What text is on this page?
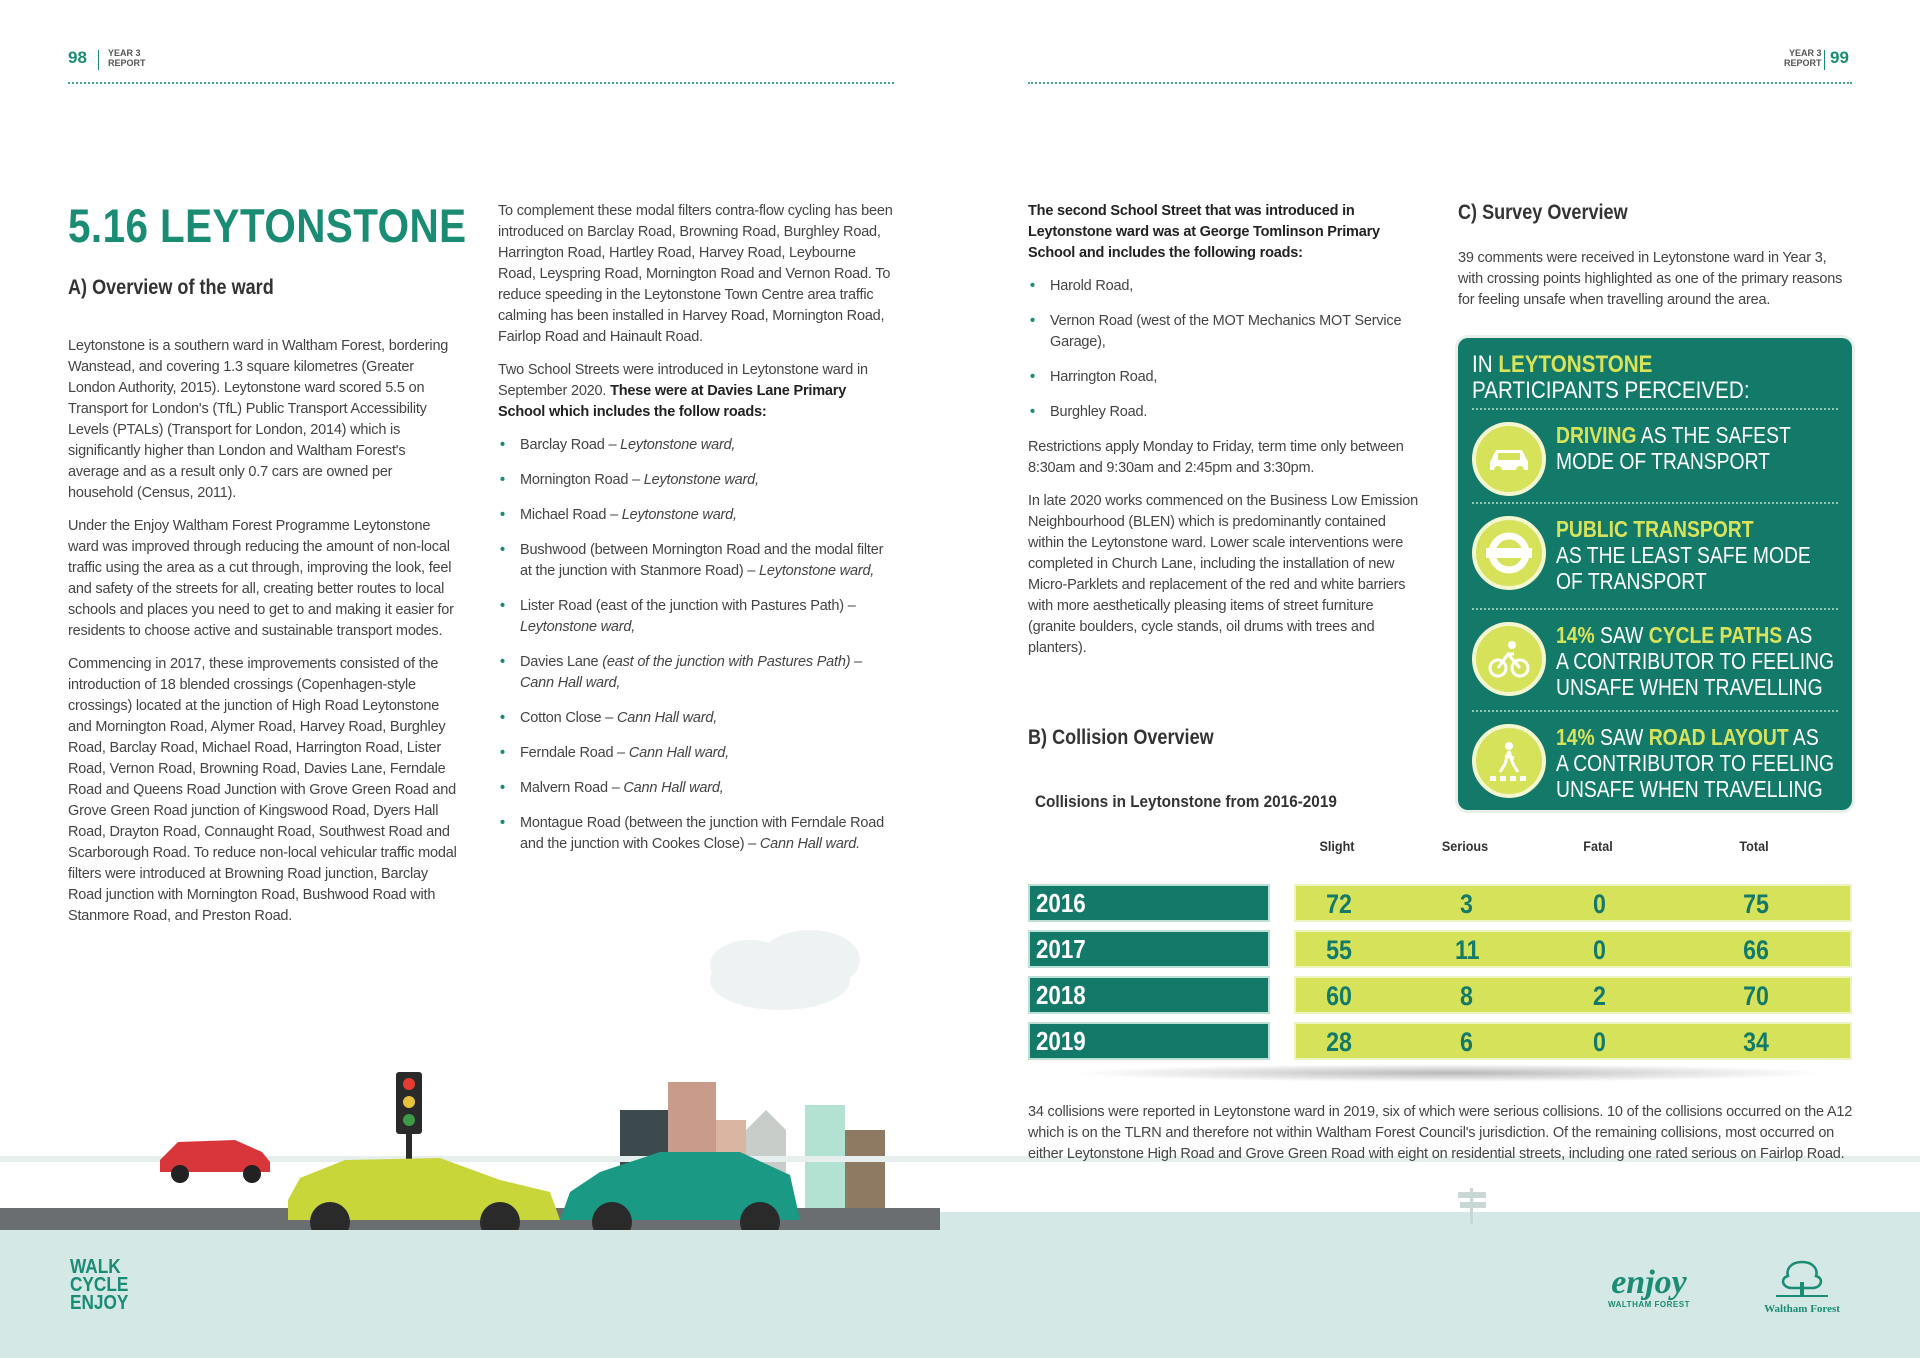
98 YEAR 3
REPORT
YEAR 3
REPORT 99
5.16 LEYTONSTONE
A) Overview of the ward

Leytonstone is a southern ward in Waltham Forest, bordering Wanstead, and covering 1.3 square kilometres (Greater London Authority, 2015). Leytonstone ward scored 5.5 on Transport for London's (TfL) Public Transport Accessibility Levels (PTALs) (Transport for London, 2014) which is significantly higher than London and Waltham Forest's average and as a result only 0.7 cars are owned per household (Census, 2011).

Under the Enjoy Waltham Forest Programme Leytonstone ward was improved through reducing the amount of non-local traffic using the area as a cut through, improving the look, feel and safety of the streets for all, creating better routes to local schools and places you need to get to and making it easier for residents to choose active and sustainable transport modes.

Commencing in 2017, these improvements consisted of the introduction of 18 blended crossings (Copenhagen-style crossings) located at the junction of High Road Leytonstone and Mornington Road, Alymer Road, Harvey Road, Burghley Road, Barclay Road, Michael Road, Harrington Road, Lister Road, Vernon Road, Browning Road, Davies Lane, Ferndale Road and Queens Road Junction with Grove Green Road and Grove Green Road junction of Kingswood Road, Dyers Hall Road, Drayton Road, Connaught Road, Southwest Road and Scarborough Road. To reduce non-local vehicular traffic modal filters were introduced at Browning Road junction, Barclay Road junction with Mornington Road, Bushwood Road with Stanmore Road, and Preston Road.

To complement these modal filters contra-flow cycling has been introduced on Barclay Road, Browning Road, Burghley Road, Harrington Road, Hartley Road, Harvey Road, Leybourne Road, Leyspring Road, Mornington Road and Vernon Road. To reduce speeding in the Leytonstone Town Centre area traffic calming has been installed in Harvey Road, Mornington Road, Fairlop Road and Hainault Road.

Two School Streets were introduced in Leytonstone ward in September 2020. These were at Davies Lane Primary School which includes the follow roads:

• Barclay Road – Leytonstone ward,
• Mornington Road – Leytonstone ward,
• Michael Road – Leytonstone ward,
• Bushwood (between Mornington Road and the modal filter at the junction with Stanmore Road) – Leytonstone ward,
• Lister Road (east of the junction with Pastures Path) – Leytonstone ward,
• Davies Lane (east of the junction with Pastures Path) – Cann Hall ward,
• Cotton Close – Cann Hall ward,
• Ferndale Road – Cann Hall ward,
• Malvern Road – Cann Hall ward,
• Montague Road (between the junction with Ferndale Road and the junction with Cookes Close) – Cann Hall ward.
WALK
CYCLE
ENJOY

The second School Street that was introduced in Leytonstone ward was at George Tomlinson Primary School and includes the following roads:

• Harold Road,
• Vernon Road (west of the MOT Mechanics MOT Service Garage),
• Harrington Road,
• Burghley Road.

Restrictions apply Monday to Friday, term time only between 8:30am and 9:30am and 2:45pm and 3:30pm.

In late 2020 works commenced on the Business Low Emission Neighbourhood (BLEN) which is predominantly contained within the Leytonstone ward. Lower scale interventions were completed in Church Lane, including the installation of new Micro-Parklets and replacement of the red and white barriers with more aesthetically pleasing items of street furniture (granite boulders, cycle stands, oil drums with trees and planters).

B) Collision Overview
C) Survey Overview
39 comments were received in Leytonstone ward in Year 3, with crossing points highlighted as one of the primary reasons for feeling unsafe when travelling around the area.
IN LEYTONSTONE
PARTICIPANTS PERCEIVED:
DRIVING AS THE SAFEST
MODE OF TRANSPORT
PUBLIC TRANSPORT
AS THE LEAST SAFE MODE
OF TRANSPORT
14% SAW CYCLE PATHS AS
A CONTRIBUTOR TO FEELING
UNSAFE WHEN TRAVELLING
14% SAW ROAD LAYOUT AS
A CONTRIBUTOR TO FEELING
UNSAFE WHEN TRAVELLING
Collisions in Leytonstone from 2016-2019
Slight	Serious	Fatal	Total
2016	72	3	0	75
2017	55	11	0	66
2018	60	8	2	70
2019	28	6	0	34
34 collisions were reported in Leytonstone ward in 2019, six of which were serious collisions. 10 of the collisions occurred on the A12 which is on the TLRN and therefore not within Waltham Forest Council's jurisdiction. Of the remaining collisions, most occurred on either Leytonstone High Road and Grove Green Road with eight on residential streets, including one rated serious on Fairlop Road.
enjoy
WALTHAM FOREST	Waltham Forest
